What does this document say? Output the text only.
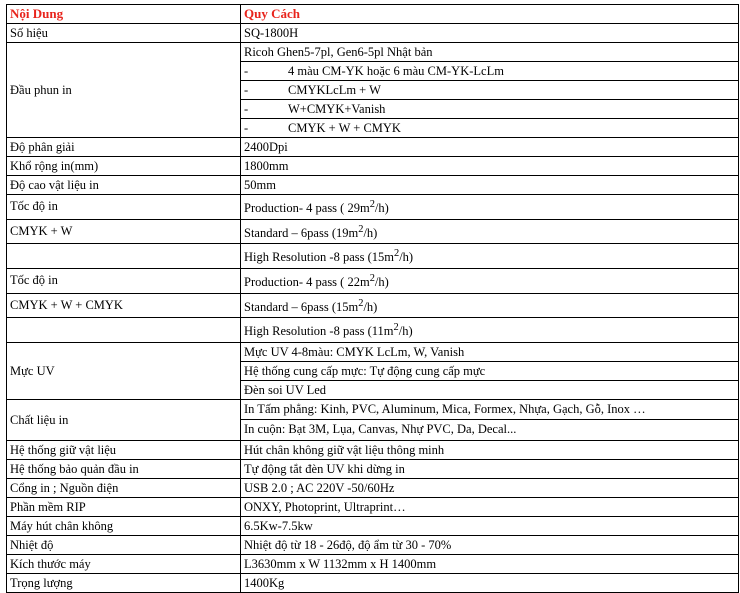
Nội Dung	Quy Cách
Số hiệu	SQ-1800H
Đầu phun in	Ricoh Ghen5-7pl, Gen6-5pl Nhật bản
	- 4 màu CM-YK hoặc 6 màu CM-YK-LcLm
	- CMYKLcLm + W
	- W+CMYK+Vanish
	- CMYK + W + CMYK
Độ phân giải	2400Dpi
Khổ rộng in(mm)	1800mm
Độ cao vật liệu in	50mm
Tốc độ in	Production- 4 pass ( $29m^2/h$)
CMYK + W	Standard – 6pass $(19m^2/h)$
	High Resolution -8 pass $(15m^2/h)$
Tốc độ in	Production- 4 pass ( $22m^2/h$)
CMYK + W + CMYK	Standard – 6pass $(15m^2/h)$
	High Resolution -8 pass $(11m^2/h)$
Mực UV	Mực UV 4-8màu: CMYK LcLm, W, Vanish
	Hệ thống cung cấp mực: Tự động cung cấp mực
	Đèn soi UV Led
Chất liệu in	In Tấm phẳng: Kinh, PVC, Aluminum, Mica, Formex, Nhựa, Gạch, Gỗ, Inox …
	In cuộn: Bạt 3M, Lụa, Canvas, Nhự PVC, Da, Decal...
Hệ thống giữ vật liệu	Hút chân không giữ vật liệu thông minh
Hệ thống bảo quản đầu in	Tự động tắt đèn UV khi dừng in
Cổng in ; Nguồn điện	USB 2.0 ; AC 220V -50/60Hz
Phần mềm RIP	ONXY, Photoprint, Ultraprint…
Máy hút chân không	6.5Kw-7.5kw
Nhiệt độ	Nhiệt độ từ 18 - 26độ, độ ẩm từ 30 - 70%
Kích thước máy	L3630mm x W 1132mm x H 1400mm
Trọng lượng	1400Kg
